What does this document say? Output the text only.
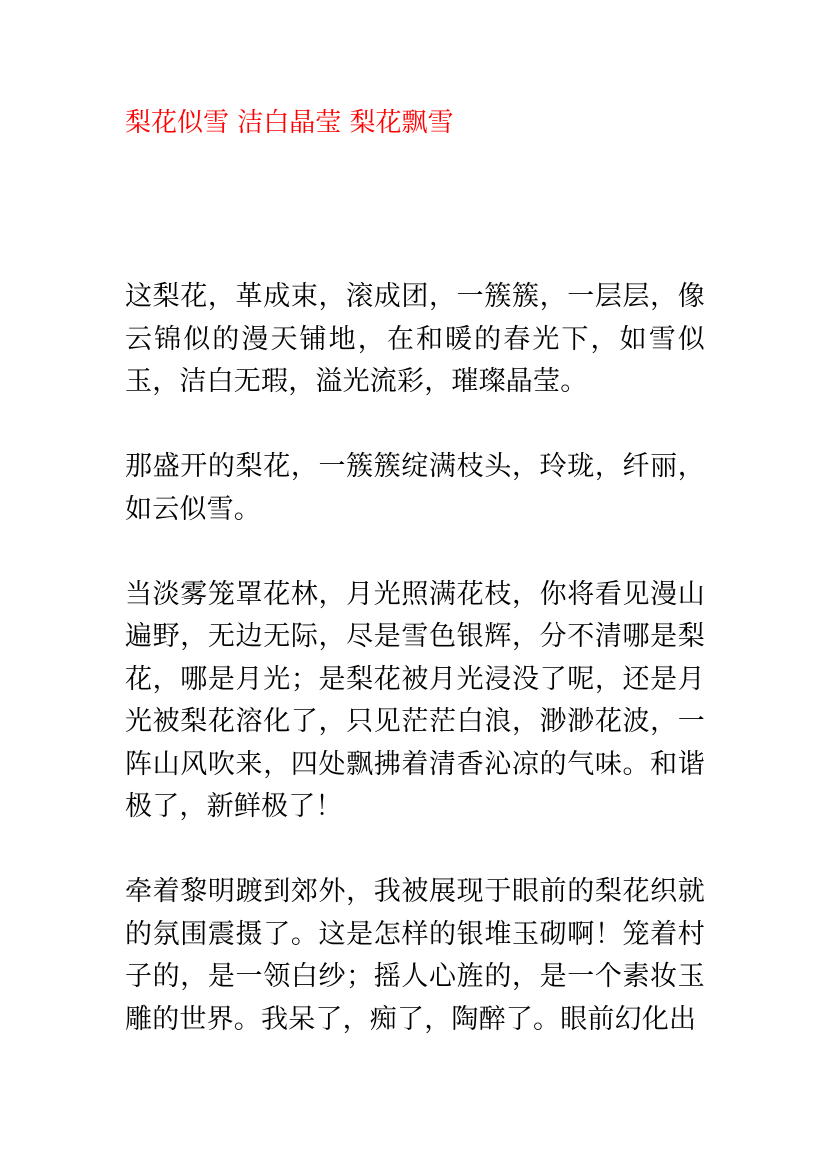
梨花似雪 洁白晶莹 梨花飘雪

这梨花，革成束，滚成团，一簇簇，一层层，像云锦似的漫天铺地，在和暖的春光下，如雪似玉，洁白无瑕，溢光流彩，璀璨晶莹。

那盛开的梨花，一簇簇绽满枝头，玲珑，纤丽，如云似雪。

当淡雾笼罩花林，月光照满花枝，你将看见漫山遍野，无边无际，尽是雪色银辉，分不清哪是梨花，哪是月光；是梨花被月光浸没了呢，还是月光被梨花溶化了，只见茫茫白浪，渺渺花波，一阵山风吹来，四处飘拂着清香沁凉的气味。和谐极了，新鲜极了！

牵着黎明踱到郊外，我被展现于眼前的梨花织就的氛围震摄了。这是怎样的银堆玉砌啊！笼着村子的，是一领白纱；摇人心旌的，是一个素妆玉雕的世界。我呆了，痴了，陶醉了。眼前幻化出
